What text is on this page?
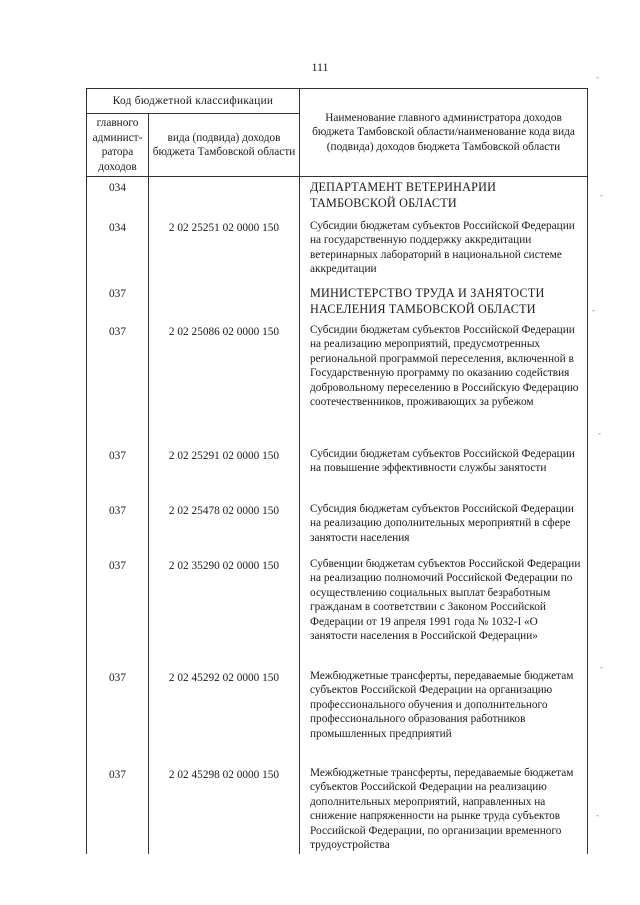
111
Код бюджетной классификации		Наименование главного администратора доходов бюджета Тамбовской области/наименование кода вида (подвида) доходов бюджета Тамбовской области
главного админист-ратора доходов	вида (подвида) доходов бюджета Тамбовской области	
034		ДЕПАРТАМЕНТ ВЕТЕРИНАРИИ ТАМБОВСКОЙ ОБЛАСТИ
034	2 02 25251 02 0000 150	Субсидии бюджетам субъектов Российской Федерации на государственную поддержку аккредитации ветеринарных лабораторий в национальной системе аккредитации
037		МИНИСТЕРСТВО ТРУДА И ЗАНЯТОСТИ НАСЕЛЕНИЯ ТАМБОВСКОЙ ОБЛАСТИ
037	2 02 25086 02 0000 150	Субсидии бюджетам субъектов Российской Федерации на реализацию мероприятий, предусмотренных региональной программой переселения, включенной в Государственную программу по оказанию содействия добровольному переселению в Российскую Федерацию соотечественников, проживающих за рубежом
037	2 02 25291 02 0000 150	Субсидии бюджетам субъектов Российской Федерации на повышение эффективности службы занятости
037	2 02 25478 02 0000 150	Субсидия бюджетам субъектов Российской Федерации на реализацию дополнительных мероприятий в сфере занятости населения
037	2 02 35290 02 0000 150	Субвенции бюджетам субъектов Российской Федерации на реализацию полномочий Российской Федерации по осуществлению социальных выплат безработным гражданам в соответствии с Законом Российской Федерации от 19 апреля 1991 года № 1032-I «О занятости населения в Российской Федерации»
037	2 02 45292 02 0000 150	Межбюджетные трансферты, передаваемые бюджетам субъектов Российской Федерации на организацию профессионального обучения и дополнительного профессионального образования работников промышленных предприятий
037	2 02 45298 02 0000 150	Межбюджетные трансферты, передаваемые бюджетам субъектов Российской Федерации на реализацию дополнительных мероприятий, направленных на снижение напряженности на рынке труда субъектов Российской Федерации, по организации временного трудоустройства
-
-
-
-
-
-
